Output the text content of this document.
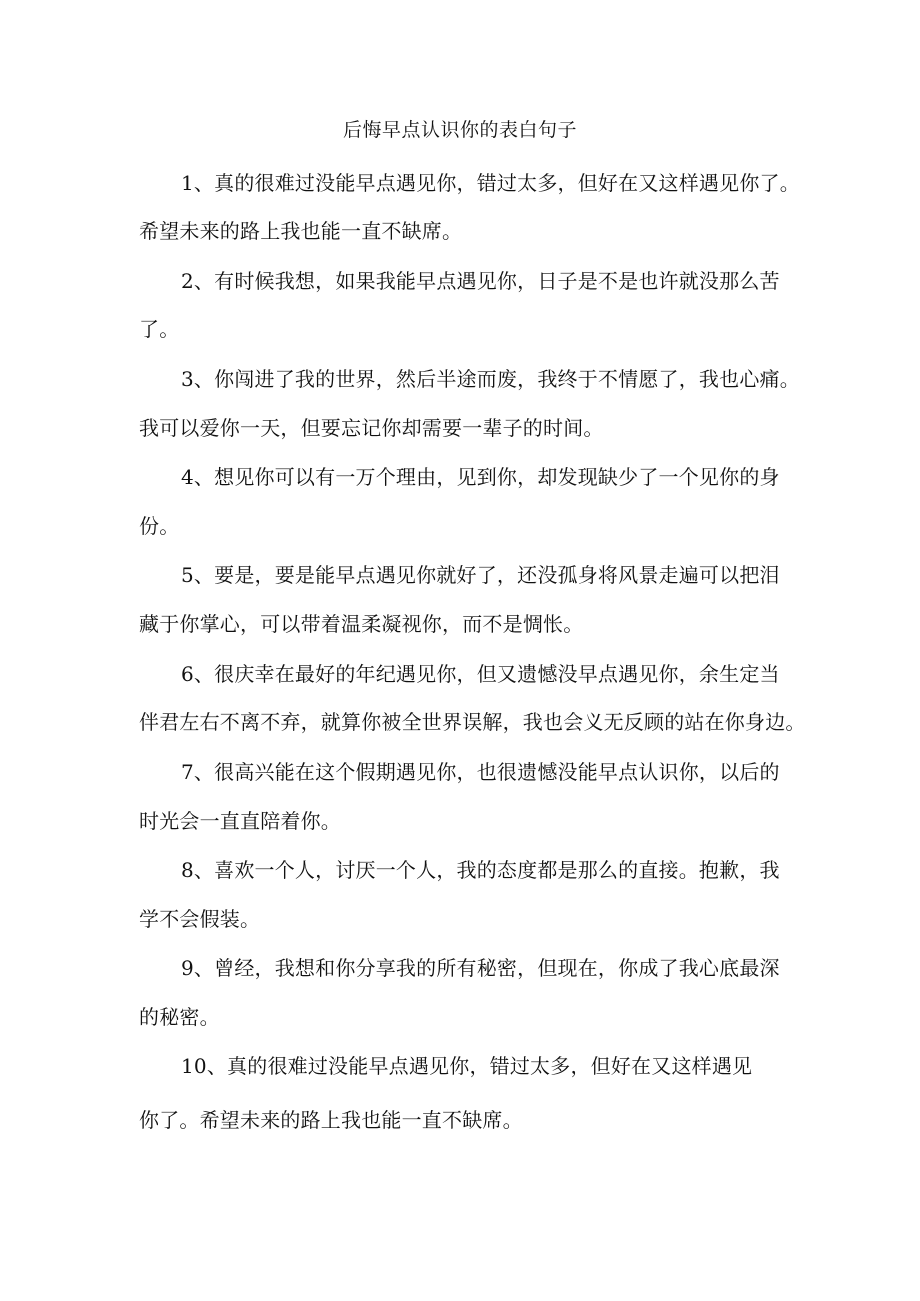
后悔早点认识你的表白句子
1、真的很难过没能早点遇见你，错过太多，但好在又这样遇见你了。
希望未来的路上我也能一直不缺席。
2、有时候我想，如果我能早点遇见你，日子是不是也许就没那么苦
了。
3、你闯进了我的世界，然后半途而废，我终于不情愿了，我也心痛。
我可以爱你一天，但要忘记你却需要一辈子的时间。
4、想见你可以有一万个理由，见到你，却发现缺少了一个见你的身
份。
5、要是，要是能早点遇见你就好了，还没孤身将风景走遍可以把泪
藏于你掌心，可以带着温柔凝视你，而不是惆怅。
6、很庆幸在最好的年纪遇见你，但又遗憾没早点遇见你，余生定当
伴君左右不离不弃，就算你被全世界误解，我也会义无反顾的站在你身边。
7、很高兴能在这个假期遇见你，也很遗憾没能早点认识你，以后的
时光会一直直陪着你。
8、喜欢一个人，讨厌一个人，我的态度都是那么的直接。抱歉，我
学不会假装。
9、曾经，我想和你分享我的所有秘密，但现在，你成了我心底最深
的秘密。
10、真的很难过没能早点遇见你，错过太多，但好在又这样遇见
你了。希望未来的路上我也能一直不缺席。
